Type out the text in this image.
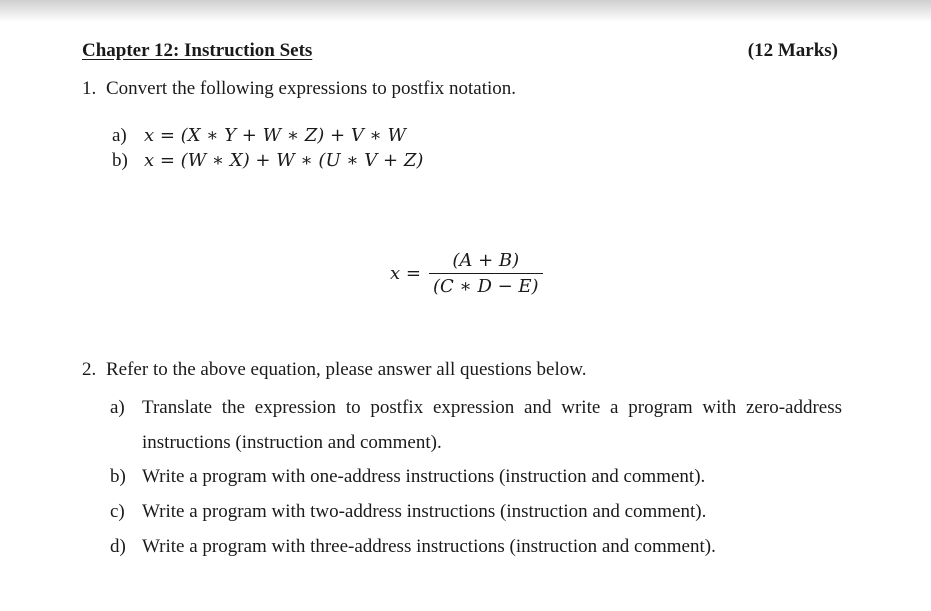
Chapter 12: Instruction Sets	(12 Marks)
1. Convert the following expressions to postfix notation.
a) x = (X ∗ Y + W ∗ Z) + V ∗ W
b) x = (W ∗ X) + W ∗ (U ∗ V + Z)
$x = \frac{(A + B)}{(C ∗ D - E)}$
2. Refer to the above equation, please answer all questions below.
a) Translate the expression to postfix expression and write a program with zero-address instructions (instruction and comment).
b) Write a program with one-address instructions (instruction and comment).
c) Write a program with two-address instructions (instruction and comment).
d) Write a program with three-address instructions (instruction and comment).
